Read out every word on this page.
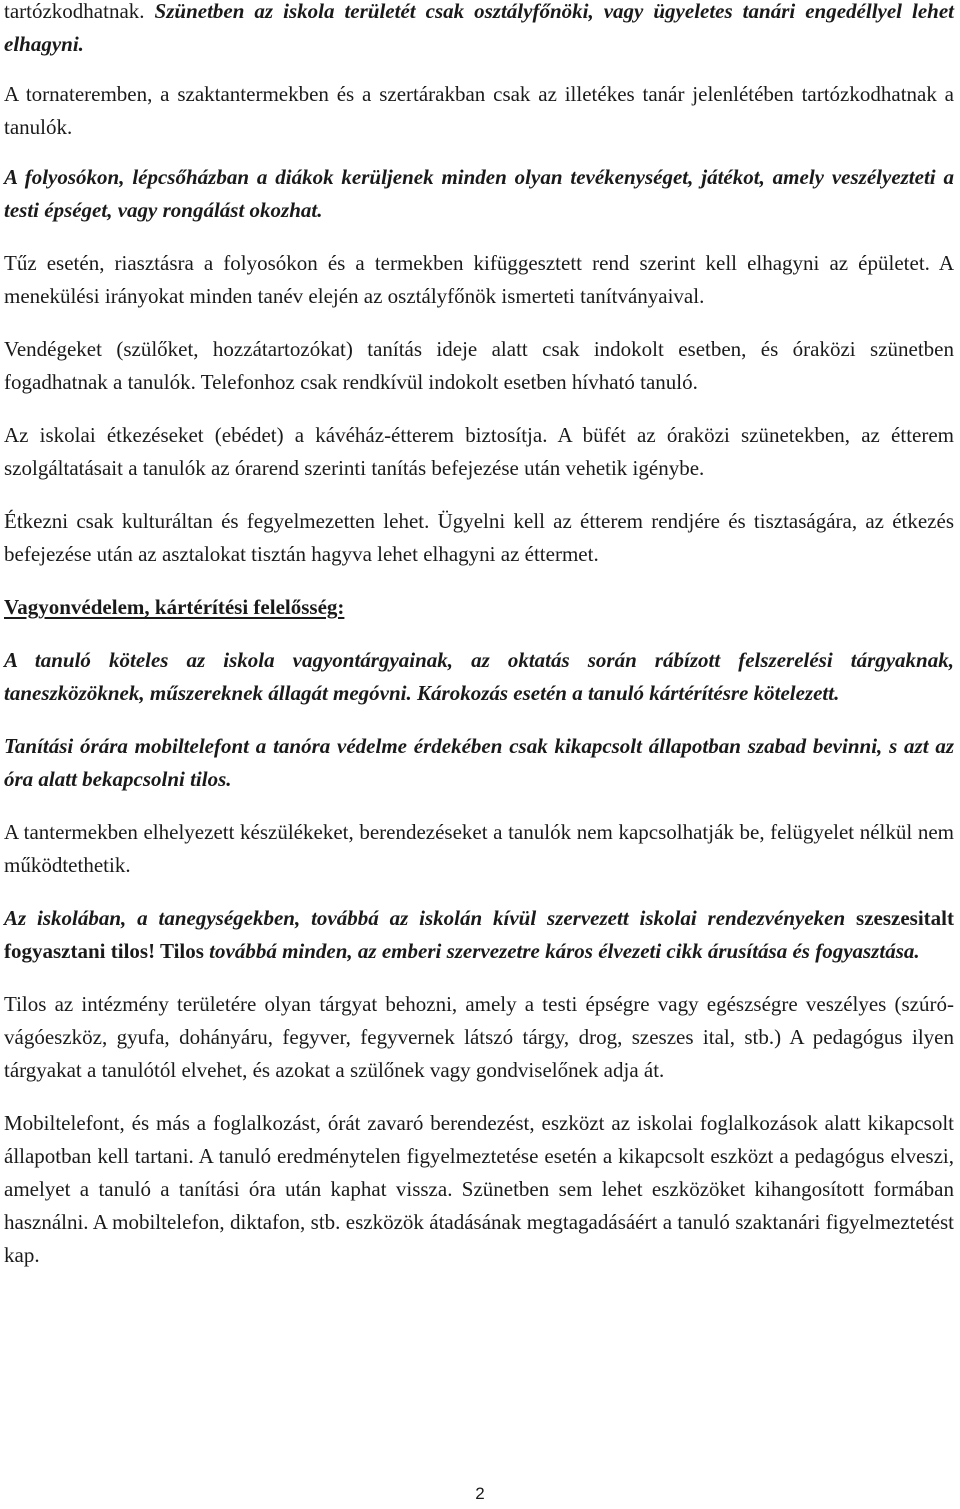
tartózkodhatnak. Szünetben az iskola területét csak osztályfőnöki, vagy ügyeletes tanári engedéllyel lehet elhagyni.

A tornateremben, a szaktantermekben és a szertárakban csak az illetékes tanár jelenlétében tartózkodhatnak a tanulók.

A folyosókon, lépcsőházban a diákok kerüljenek minden olyan tevékenységet, játékot, amely veszélyezteti a testi épséget, vagy rongálást okozhat.

Tűz esetén, riasztásra a folyosókon és a termekben kifüggesztett rend szerint kell elhagyni az épületet. A menekülési irányokat minden tanév elején az osztályfőnök ismerteti tanítványaival.

Vendégeket (szülőket, hozzátartozókat) tanítás ideje alatt csak indokolt esetben, és óraközi szünetben fogadhatnak a tanulók. Telefonhoz csak rendkívül indokolt esetben hívható tanuló.

Az iskolai étkezéseket (ebédet) a kávéház-étterem biztosítja. A büfét az óraközi szünetekben, az étterem szolgáltatásait a tanulók az órarend szerinti tanítás befejezése után vehetik igénybe.

Étkezni csak kulturáltan és fegyelmezetten lehet. Ügyelni kell az étterem rendjére és tisztaságára, az étkezés befejezése után az asztalokat tisztán hagyva lehet elhagyni az éttermet.

Vagyonvédelem, kártérítési felelősség:

A tanuló köteles az iskola vagyontárgyainak, az oktatás során rábízott felszerelési tárgyaknak, taneszközöknek, műszereknek állagát megóvni. Károkozás esetén a tanuló kártérítésre kötelezett.

Tanítási órára mobiltelefont a tanóra védelme érdekében csak kikapcsolt állapotban szabad bevinni, s azt az óra alatt bekapcsolni tilos.

A tantermekben elhelyezett készülékeket, berendezéseket a tanulók nem kapcsolhatják be, felügyelet nélkül nem működtethetik.

Az iskolában, a tanegységekben, továbbá az iskolán kívül szervezett iskolai rendezvényeken szeszesitalt fogyasztani tilos! Tilos továbbá minden, az emberi szervezetre káros élvezeti cikk árusítása és fogyasztása.

Tilos az intézmény területére olyan tárgyat behozni, amely a testi épségre vagy egészségre veszélyes (szúró-vágóeszköz, gyufa, dohányáru, fegyver, fegyvernek látszó tárgy, drog, szeszes ital, stb.) A pedagógus ilyen tárgyakat a tanulótól elvehet, és azokat a szülőnek vagy gondviselőnek adja át.

Mobiltelefont, és más a foglalkozást, órát zavaró berendezést, eszközt az iskolai foglalkozások alatt kikapcsolt állapotban kell tartani. A tanuló eredménytelen figyelmeztetése esetén a kikapcsolt eszközt a pedagógus elveszi, amelyet a tanuló a tanítási óra után kaphat vissza. Szünetben sem lehet eszközöket kihangosított formában használni. A mobiltelefon, diktafon, stb. eszközök átadásának megtagadásáért a tanuló szaktanári figyelmeztetést kap.

2
